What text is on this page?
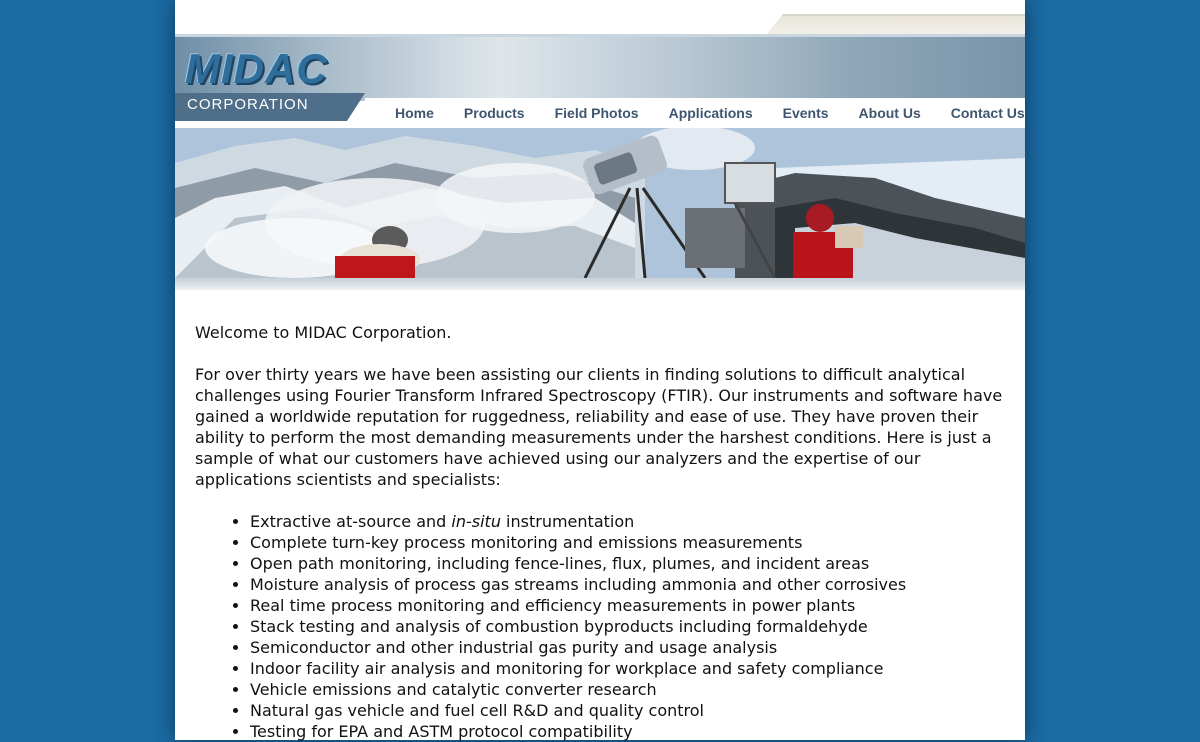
MIDAC
CORPORATION	Home Products Field Photos Applications Events About Us Contact Us

Welcome to MIDAC Corporation.

For over thirty years we have been assisting our clients in finding solutions to difficult analytical challenges using Fourier Transform Infrared Spectroscopy (FTIR). Our instruments and software have gained a worldwide reputation for ruggedness, reliability and ease of use. They have proven their ability to perform the most demanding measurements under the harshest conditions. Here is just a sample of what our customers have achieved using our analyzers and the expertise of our applications scientists and specialists:

• Extractive at-source and in-situ instrumentation
• Complete turn-key process monitoring and emissions measurements
• Open path monitoring, including fence-lines, flux, plumes, and incident areas
• Moisture analysis of process gas streams including ammonia and other corrosives
• Real time process monitoring and efficiency measurements in power plants
• Stack testing and analysis of combustion byproducts including formaldehyde
• Semiconductor and other industrial gas purity and usage analysis
• Indoor facility air analysis and monitoring for workplace and safety compliance
• Vehicle emissions and catalytic converter research
• Natural gas vehicle and fuel cell R&D and quality control
• Testing for EPA and ASTM protocol compatibility
